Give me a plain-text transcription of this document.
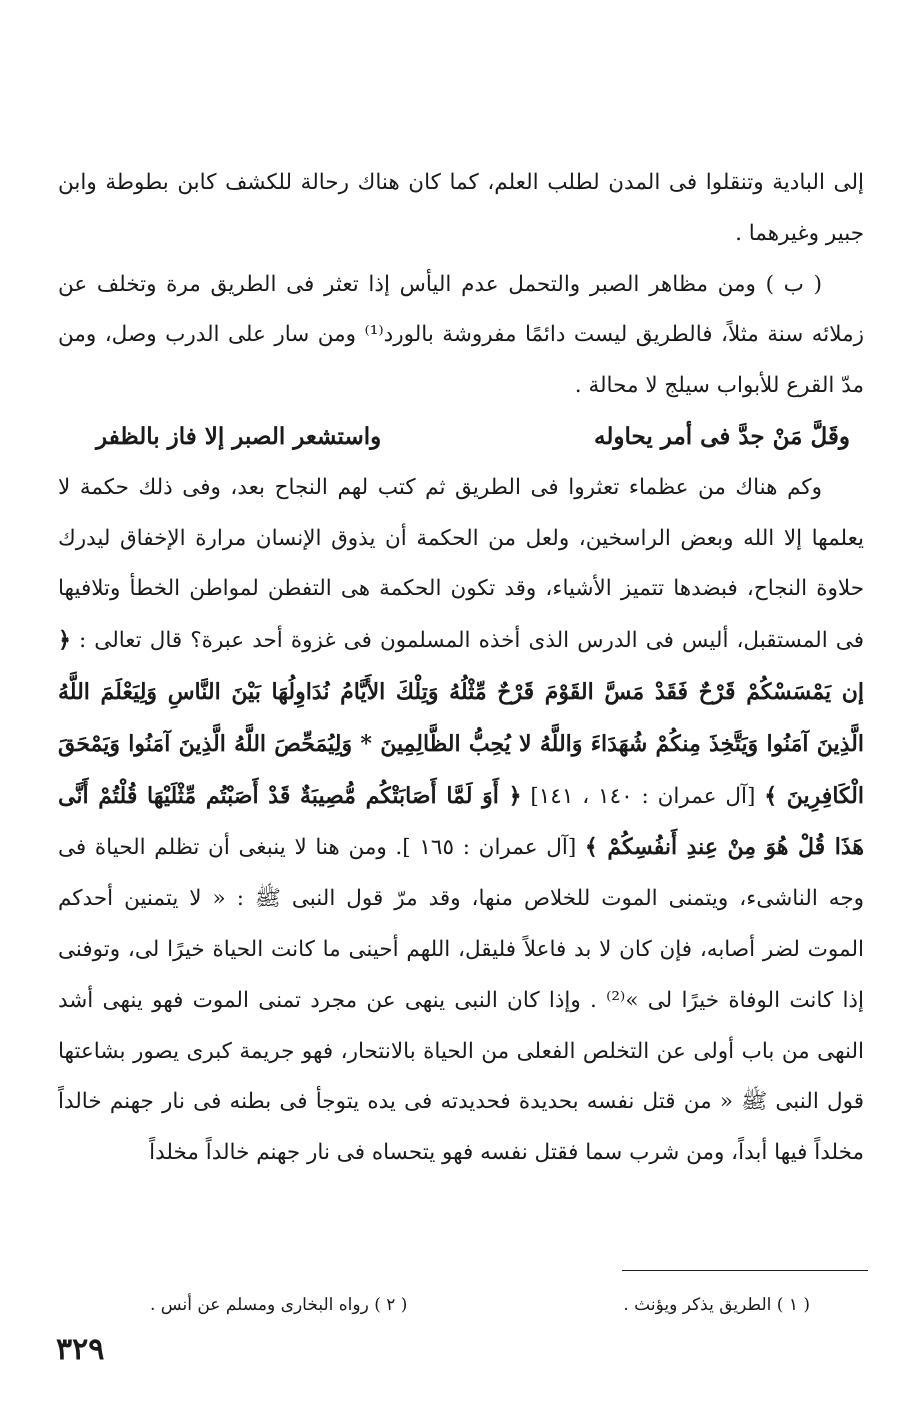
إلى البادية وتنقلوا فى المدن لطلب العلم، كما كان هناك رحالة للكشف كابن بطوطة وابن جبير وغيرهما .

( ب ) ومن مظاهر الصبر والتحمل عدم اليأس إذا تعثر فى الطريق مرة وتخلف عن زملائه سنة مثلاً، فالطريق ليست دائمًا مفروشة بالورد⁽¹⁾ ومن سار على الدرب وصل، ومن مدّ القرع للأبواب سيلج لا محالة .

وقَلَّ مَنْ جدَّ فى أمر يحاوله
واستشعر الصبر إلا فاز بالظفر

وكم هناك من عظماء تعثروا فى الطريق ثم كتب لهم النجاح بعد، وفى ذلك حكمة لا يعلمها إلا الله وبعض الراسخين، ولعل من الحكمة أن يذوق الإنسان مرارة الإخفاق ليدرك حلاوة النجاح، فبضدها تتميز الأشياء، وقد تكون الحكمة هى التفطن لمواطن الخطأ وتلافيها فى المستقبل، أليس فى الدرس الذى أخذه المسلمون فى غزوة أحد عبرة؟ قال تعالى : ﴿ إن يَمْسَسْكُمْ قَرْحٌ فَقَدْ مَسَّ القَوْمَ قَرْحٌ مِّثْلُهُ وَتِلْكَ الأَيَّامُ نُدَاوِلُهَا بَيْنَ النَّاسِ وَلِيَعْلَمَ اللَّهُ الَّذِينَ آمَنُوا وَيَتَّخِذَ مِنكُمْ شُهَدَاءَ وَاللَّهُ لا يُحِبُّ الظَّالِمِينَ * وَلِيُمَحِّصَ اللَّهُ الَّذِينَ آمَنُوا وَيَمْحَقَ الْكَافِرِينَ ﴾ [آل عمران : ١٤٠ ، ١٤١] ﴿ أَوَ لَمَّا أَصَابَتْكُم مُّصِيبَةٌ قَدْ أَصَبْتُم مِّثْلَيْهَا قُلْتُمْ أَنَّى هَذَا قُلْ هُوَ مِنْ عِندِ أَنفُسِكُمْ ﴾ [آل عمران : ١٦٥ ]. ومن هنا لا ينبغى أن تظلم الحياة فى وجه الناشىء، ويتمنى الموت للخلاص منها، وقد مرّ قول النبى ﷺ : « لا يتمنين أحدكم الموت لضر أصابه، فإن كان لا بد فاعلاً فليقل، اللهم أحينى ما كانت الحياة خيرًا لى، وتوفنى إذا كانت الوفاة خيرًا لى »⁽²⁾ . وإذا كان النبى ينهى عن مجرد تمنى الموت فهو ينهى أشد النهى من باب أولى عن التخلص الفعلى من الحياة بالانتحار، فهو جريمة كبرى يصور بشاعتها قول النبى ﷺ « من قتل نفسه بحديدة فحديدته فى يده يتوجأ فى بطنه فى نار جهنم خالداً مخلداً فيها أبداً، ومن شرب سما فقتل نفسه فهو يتحساه فى نار جهنم خالداً مخلداً

( ١ ) الطريق يذكر ويؤنث .
( ٢ ) رواه البخارى ومسلم عن أنس .
٣٢٩
